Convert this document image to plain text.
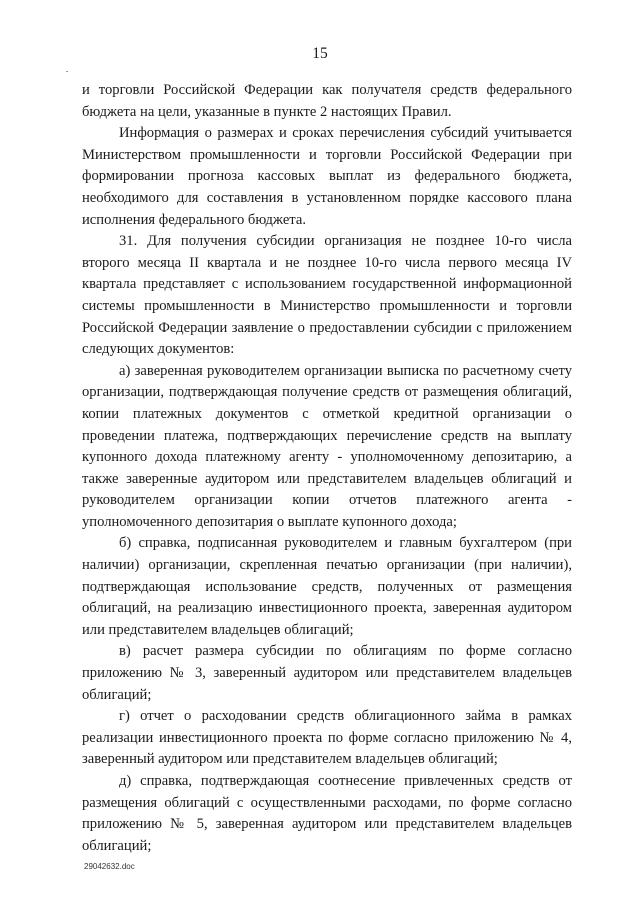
15

и торговли Российской Федерации как получателя средств федерального бюджета на цели, указанные в пункте 2 настоящих Правил.

Информация о размерах и сроках перечисления субсидий учитывается Министерством промышленности и торговли Российской Федерации при формировании прогноза кассовых выплат из федерального бюджета, необходимого для составления в установленном порядке кассового плана исполнения федерального бюджета.

31. Для получения субсидии организация не позднее 10-го числа второго месяца II квартала и не позднее 10-го числа первого месяца IV квартала представляет с использованием государственной информационной системы промышленности в Министерство промышленности и торговли Российской Федерации заявление о предоставлении субсидии с приложением следующих документов:

а) заверенная руководителем организации выписка по расчетному счету организации, подтверждающая получение средств от размещения облигаций, копии платежных документов с отметкой кредитной организации о проведении платежа, подтверждающих перечисление средств на выплату купонного дохода платежному агенту - уполномоченному депозитарию, а также заверенные аудитором или представителем владельцев облигаций и руководителем организации копии отчетов платежного агента - уполномоченного депозитария о выплате купонного дохода;

б) справка, подписанная руководителем и главным бухгалтером (при наличии) организации, скрепленная печатью организации (при наличии), подтверждающая использование средств, полученных от размещения облигаций, на реализацию инвестиционного проекта, заверенная аудитором или представителем владельцев облигаций;

в) расчет размера субсидии по облигациям по форме согласно приложению № 3, заверенный аудитором или представителем владельцев облигаций;

г) отчет о расходовании средств облигационного займа в рамках реализации инвестиционного проекта по форме согласно приложению № 4, заверенный аудитором или представителем владельцев облигаций;

д) справка, подтверждающая соотнесение привлеченных средств от размещения облигаций с осуществленными расходами, по форме согласно приложению № 5, заверенная аудитором или представителем владельцев облигаций;

29042632.doc
